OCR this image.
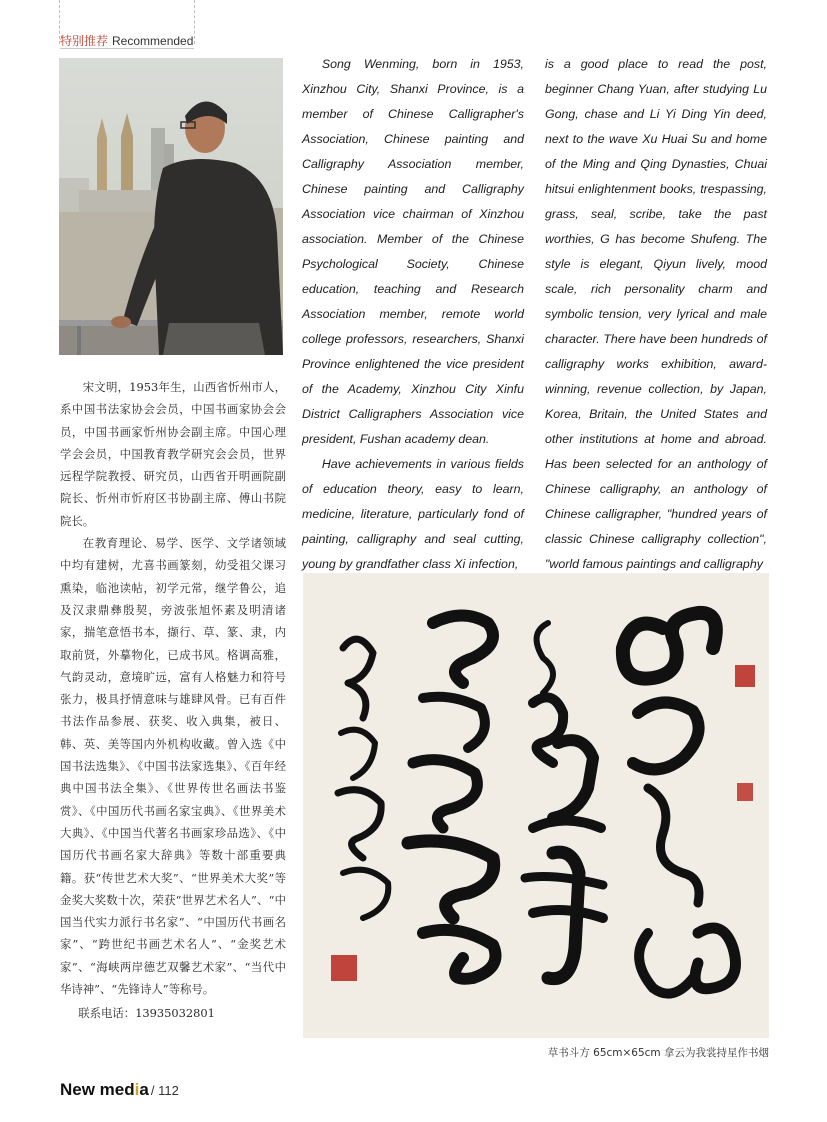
特别推荐 Recommended

宋文明，1953年生，山西省忻州市人，系中国书法家协会会员，中国书画家协会会员，中国书画家忻州协会副主席。中国心理学会会员，中国教育教学研究会会员，世界远程学院教授、研究员，山西省开明画院副院长、忻州市忻府区书协副主席、傅山书院院长。

在教育理论、易学、医学、文学诸领域中均有建树，尤喜书画篆刻，幼受祖父课习熏染，临池读帖，初学元常，继学鲁公，追及汉隶鼎彝殷契，旁波张旭怀素及明清诸家，揣笔意悟书本，撷行、草、篆、隶，内取前贤，外摹物化，已成书风。格调高雅，气韵灵动，意境旷远，富有人格魅力和符号张力，极具抒情意味与雄肆风骨。已有百件书法作品参展、获奖、收入典集，被日、韩、英、美等国内外机构收藏。曾入选《中国书法选集》、《中国书法家选集》、《百年经典中国书法全集》、《世界传世名画法书鉴赏》、《中国历代书画名家宝典》、《世界美术大典》、《中国当代著名书画家珍品选》、《中国历代书画名家大辞典》等数十部重要典籍。获“传世艺术大奖”、“世界美术大奖”等金奖大奖数十次，荣获“世界艺术名人”、“中国当代实力派行书名家”、“中国历代书画名家”、“跨世纪书画艺术名人”、“金奖艺术家”、“海峡两岸德艺双馨艺术家”、“当代中华诗神”、“先锋诗人”等称号。

联系电话：13935032801

Song Wenming, born in 1953, Xinzhou City, Shanxi Province, is a member of Chinese Calligrapher's Association, Chinese painting and Calligraphy Association member, Chinese painting and Calligraphy Association vice chairman of Xinzhou association. Member of the Chinese Psychological Society, Chinese education, teaching and Research Association member, remote world college professors, researchers, Shanxi Province enlightened the vice president of the Academy, Xinzhou City Xinfu District Calligraphers Association vice president, Fushan academy dean.

Have achievements in various fields of education theory, easy to learn, medicine, literature, particularly fond of painting, calligraphy and seal cutting, young by grandfather class Xi infection,

is a good place to read the post, beginner Chang Yuan, after studying Lu Gong, chase and Li Yi Ding Yin deed, next to the wave Xu Huai Su and home of the Ming and Qing Dynasties, Chuai hitsui enlightenment books, trespassing, grass, seal, scribe, take the past worthies, G has become Shufeng. The style is elegant, Qiyun lively, mood scale, rich personality charm and symbolic tension, very lyrical and male character. There have been hundreds of calligraphy works exhibition, award-winning, revenue collection, by Japan, Korea, Britain, the United States and other institutions at home and abroad. Has been selected for an anthology of Chinese calligraphy, an anthology of Chinese calligrapher, "hundred years of classic Chinese calligraphy collection", "world famous paintings and calligraphy

草书斗方 65cm×65cm 拿云为我裳持星作书烟
New media / 112
